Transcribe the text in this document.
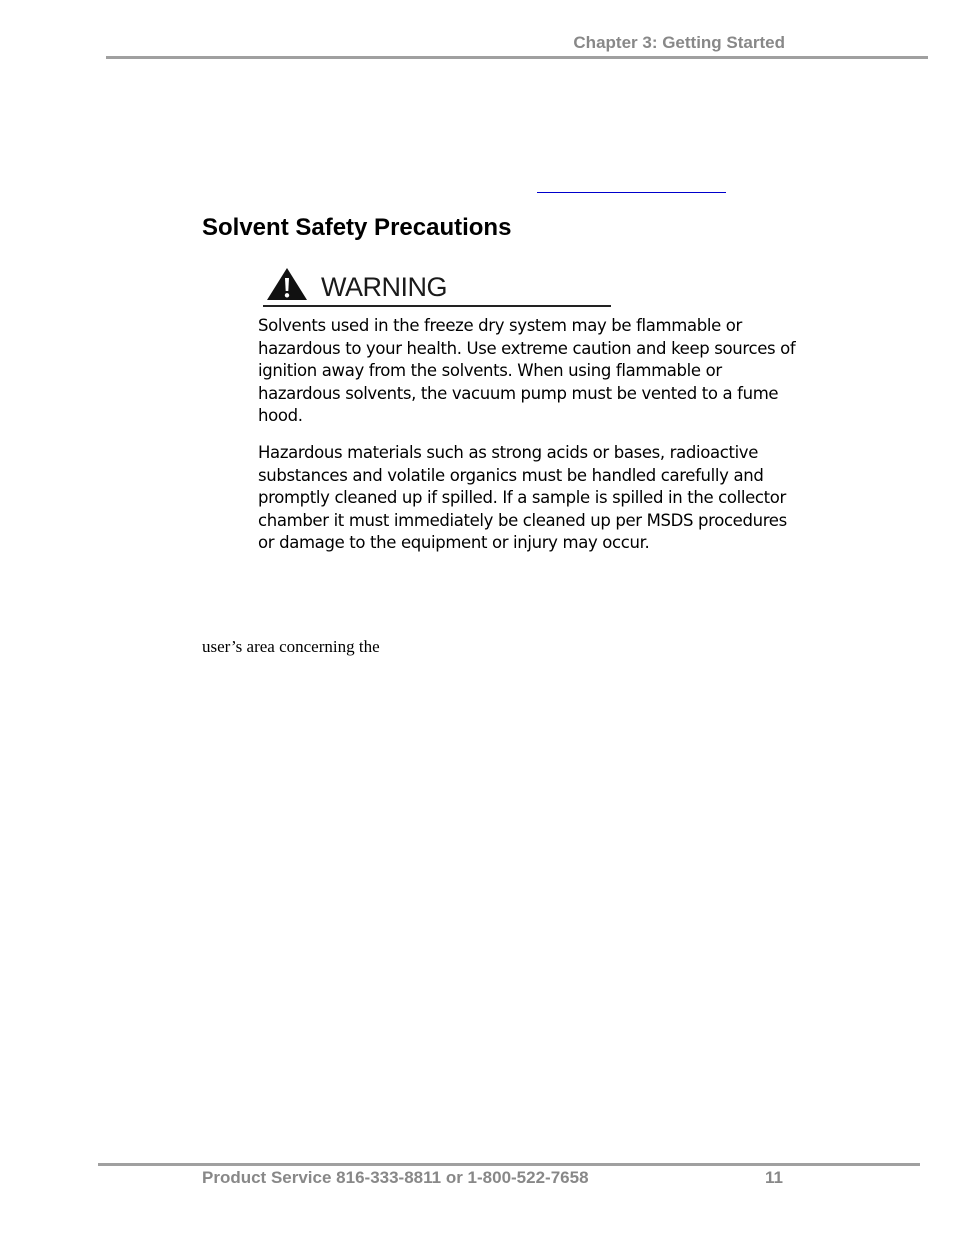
Chapter 3: Getting Started
Solvent Safety Precautions
WARNING

Solvents used in the freeze dry system may be flammable or hazardous to your health. Use extreme caution and keep sources of ignition away from the solvents. When using flammable or hazardous solvents, the vacuum pump must be vented to a fume hood.

Hazardous materials such as strong acids or bases, radioactive substances and volatile organics must be handled carefully and promptly cleaned up if spilled. If a sample is spilled in the collector chamber it must immediately be cleaned up per MSDS procedures or damage to the equipment or injury may occur.

user’s area concerning the
Product Service 816-333-8811 or 1-800-522-7658	11
